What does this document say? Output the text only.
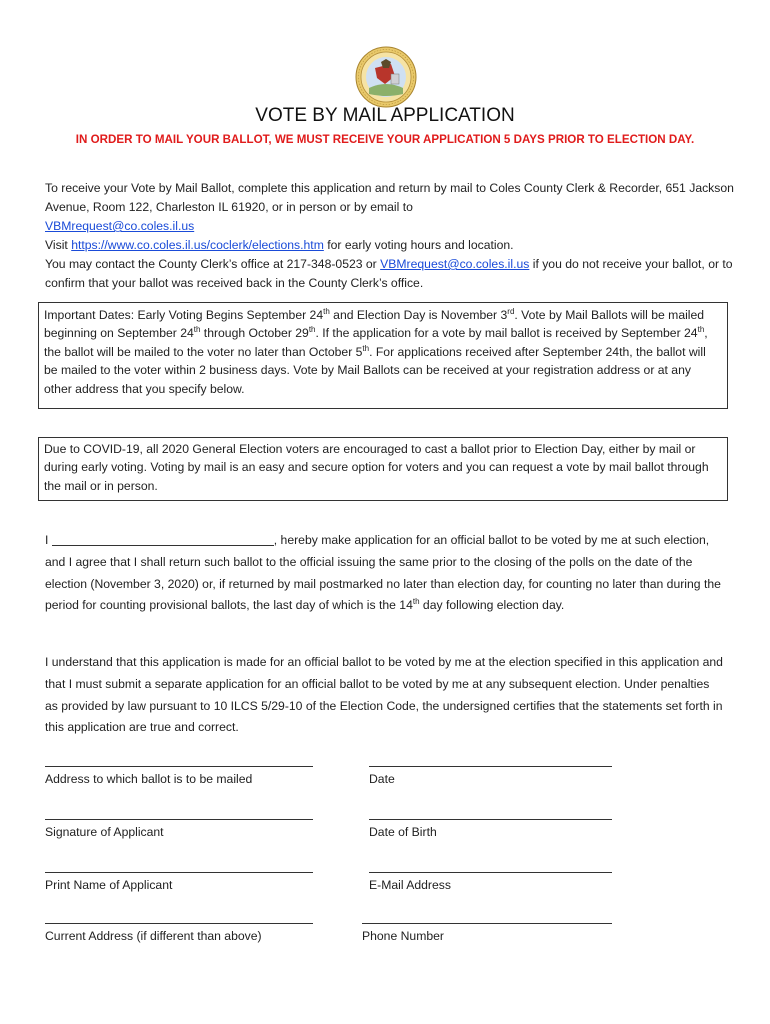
VOTE BY MAIL APPLICATION
IN ORDER TO MAIL YOUR BALLOT, WE MUST RECEIVE YOUR APPLICATION 5 DAYS PRIOR TO ELECTION DAY.

To receive your Vote by Mail Ballot, complete this application and return by mail to Coles County Clerk & Recorder, 651 Jackson Avenue, Room 122, Charleston IL 61920, or in person or by email to
VBMrequest@co.coles.il.us

Visit https://www.co.coles.il.us/coclerk/elections.htm for early voting hours and location.

You may contact the County Clerk’s office at 217-348-0523 or VBMrequest@co.coles.il.us if you do not receive your ballot, or to confirm that your ballot was received back in the County Clerk’s office.

Important Dates: Early Voting Begins September 24th and Election Day is November 3rd. Vote by Mail Ballots will be mailed beginning on September 24th through October 29th. If the application for a vote by mail ballot is received by September 24th, the ballot will be mailed to the voter no later than October 5th. For applications received after September 24th, the ballot will be mailed to the voter within 2 business days. Vote by Mail Ballots can be received at your registration address or at any other address that you specify below.

Due to COVID-19, all 2020 General Election voters are encouraged to cast a ballot prior to Election Day, either by mail or during early voting. Voting by mail is an easy and secure option for voters and you can request a vote by mail ballot through the mail or in person.

I	, hereby make application for an official ballot to be voted by me at such election, and I agree that I shall return such ballot to the official issuing the same prior to the closing of the polls on the date of the election (November 3, 2020) or, if returned by mail postmarked no later than election day, for counting no later than during the period for counting provisional ballots, the last day of which is the 14th day following election day.

I understand that this application is made for an official ballot to be voted by me at the election specified in this application and that I must submit a separate application for an official ballot to be voted by me at any subsequent election. Under penalties as provided by law pursuant to 10 ILCS 5/29-10 of the Election Code, the undersigned certifies that the statements set forth in this application are true and correct.

Address to which ballot is to be mailed	Date
Signature of Applicant	Date of Birth
Print Name of Applicant	E-Mail Address
Current Address (if different than above)	Phone Number
